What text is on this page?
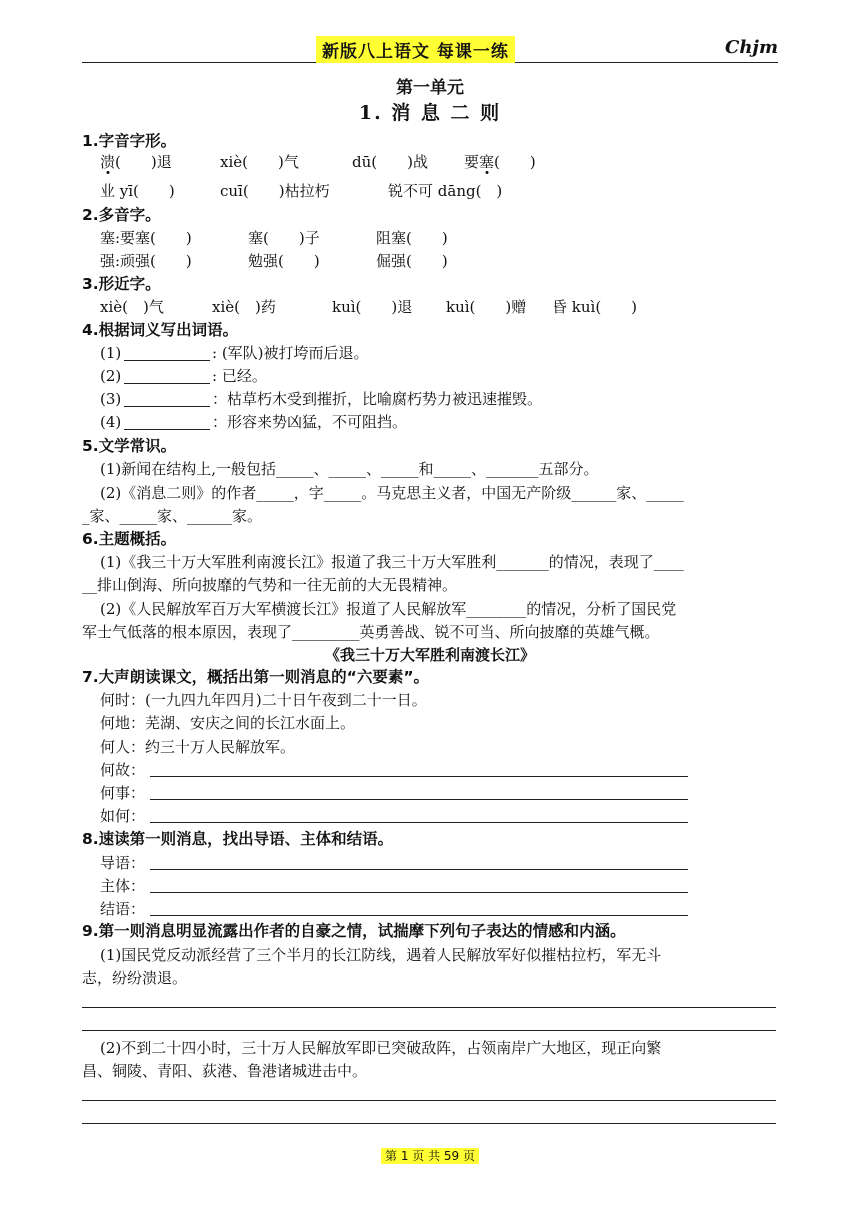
新版八上语文 每课一练	Chjm
第一单元
1. 消 息 二 则
1.字音字形。
溃(　　)退	xiè(　　)气	dū(　　)战 要塞(　　)
业 yī(　　)	cuī(　　)枯拉朽	锐不可 dāng(　)
2.多音字。
塞:要塞(　　)	塞(　　)子	阻塞(　　)
强:顽强(　　)	勉强(　　)	倔强(　　)
3.形近字。
xiè(　)气	xiè(　)药	kuì(　　)退 kuì(　　)赠 昏 kuì(　　)
4.根据词义写出词语。
(1)	: (军队)被打垮而后退。
(2)	: 已经。
(3)	：枯草朽木受到摧折，比喻腐朽势力被迅速摧毁。
(4)	：形容来势凶猛，不可阻挡。
5.文学常识。
(1)新闻在结构上,一般包括_____、_____、_____和_____、_______五部分。
(2)《消息二则》的作者_____，字_____。马克思主义者，中国无产阶级______家、_____
_家、_____家、______家。
6.主题概括。
(1)《我三十万大军胜利南渡长江》报道了我三十万大军胜利_______的情况，表现了____
__排山倒海、所向披靡的气势和一往无前的大无畏精神。
(2)《人民解放军百万大军横渡长江》报道了人民解放军________的情况，分析了国民党
军士气低落的根本原因，表现了_________英勇善战、锐不可当、所向披靡的英雄气概。
《我三十万大军胜利南渡长江》
7.大声朗读课文，概括出第一则消息的“六要素”。
何时：(一九四九年四月)二十日午夜到二十一日。
何地：芜湖、安庆之间的长江水面上。
何人：约三十万人民解放军。
何故：
何事：
如何：
8.速读第一则消息，找出导语、主体和结语。
导语：
主体：
结语：
9.第一则消息明显流露出作者的自豪之情，试揣摩下列句子表达的情感和内涵。
(1)国民党反动派经营了三个半月的长江防线，遇着人民解放军好似摧枯拉朽，军无斗
志，纷纷溃退。
(2)不到二十四小时，三十万人民解放军即已突破敌阵，占领南岸广大地区，现正向繁
昌、铜陵、青阳、荻港、鲁港诸城进击中。
第 1 页 共 59 页
